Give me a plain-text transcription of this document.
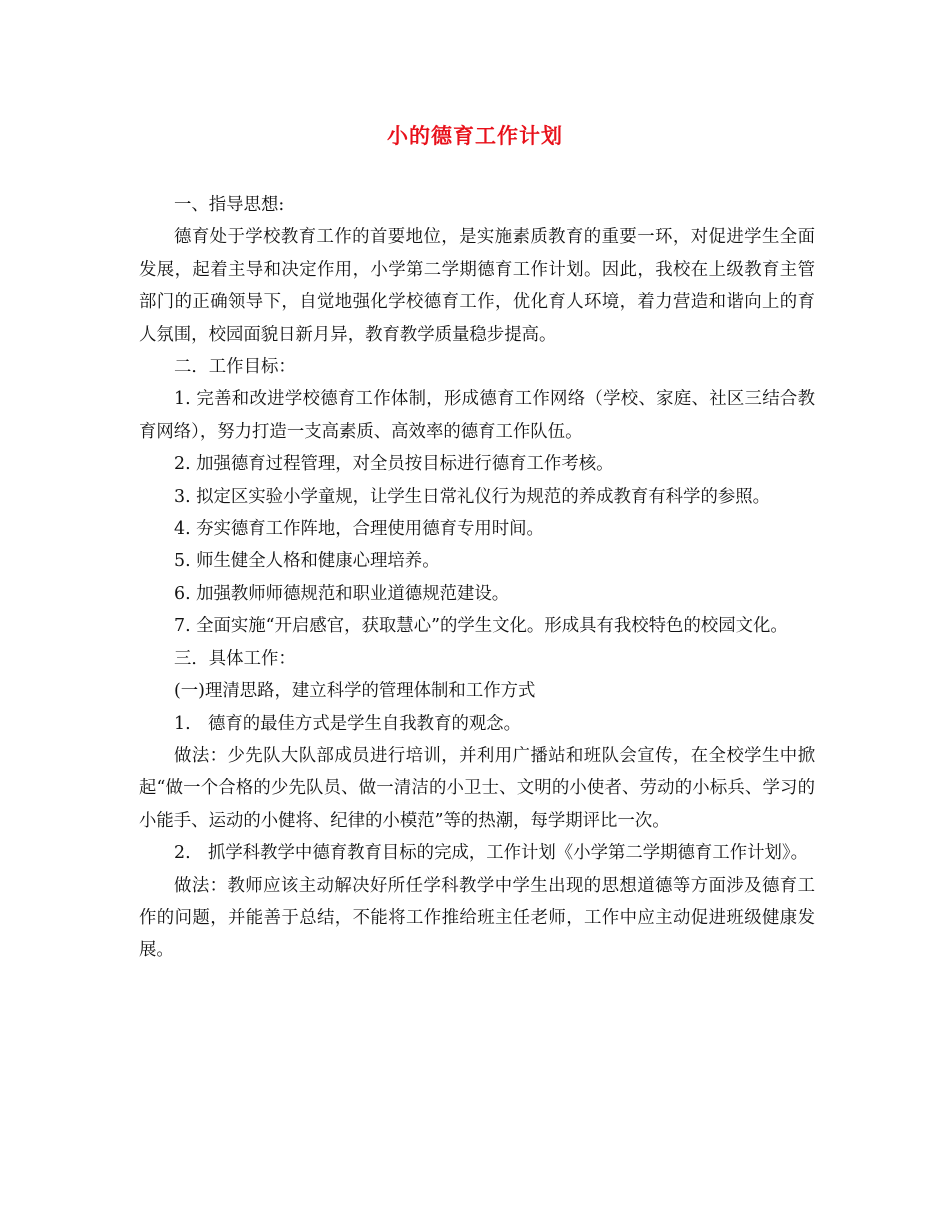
小的德育工作计划

一、指导思想:

德育处于学校教育工作的首要地位，是实施素质教育的重要一环，对促进学生全面发展，起着主导和决定作用，小学第二学期德育工作计划。因此，我校在上级教育主管部门的正确领导下，自觉地强化学校德育工作，优化育人环境，着力营造和谐向上的育人氛围，校园面貌日新月异，教育教学质量稳步提高。

二．工作目标：

1. 完善和改进学校德育工作体制，形成德育工作网络（学校、家庭、社区三结合教育网络），努力打造一支高素质、高效率的德育工作队伍。

2. 加强德育过程管理，对全员按目标进行德育工作考核。

3. 拟定区实验小学童规，让学生日常礼仪行为规范的养成教育有科学的参照。

4. 夯实德育工作阵地，合理使用德育专用时间。

5. 师生健全人格和健康心理培养。

6. 加强教师师德规范和职业道德规范建设。

7. 全面实施“开启感官，获取慧心”的学生文化。形成具有我校特色的校园文化。

三．具体工作：

(一)理清思路，建立科学的管理体制和工作方式

1.　德育的最佳方式是学生自我教育的观念。

做法：少先队大队部成员进行培训，并利用广播站和班队会宣传，在全校学生中掀起“做一个合格的少先队员、做一清洁的小卫士、文明的小使者、劳动的小标兵、学习的小能手、运动的小健将、纪律的小模范”等的热潮，每学期评比一次。

2.　抓学科教学中德育教育目标的完成，工作计划《小学第二学期德育工作计划》。

做法：教师应该主动解决好所任学科教学中学生出现的思想道德等方面涉及德育工作的问题，并能善于总结，不能将工作推给班主任老师，工作中应主动促进班级健康发展。
